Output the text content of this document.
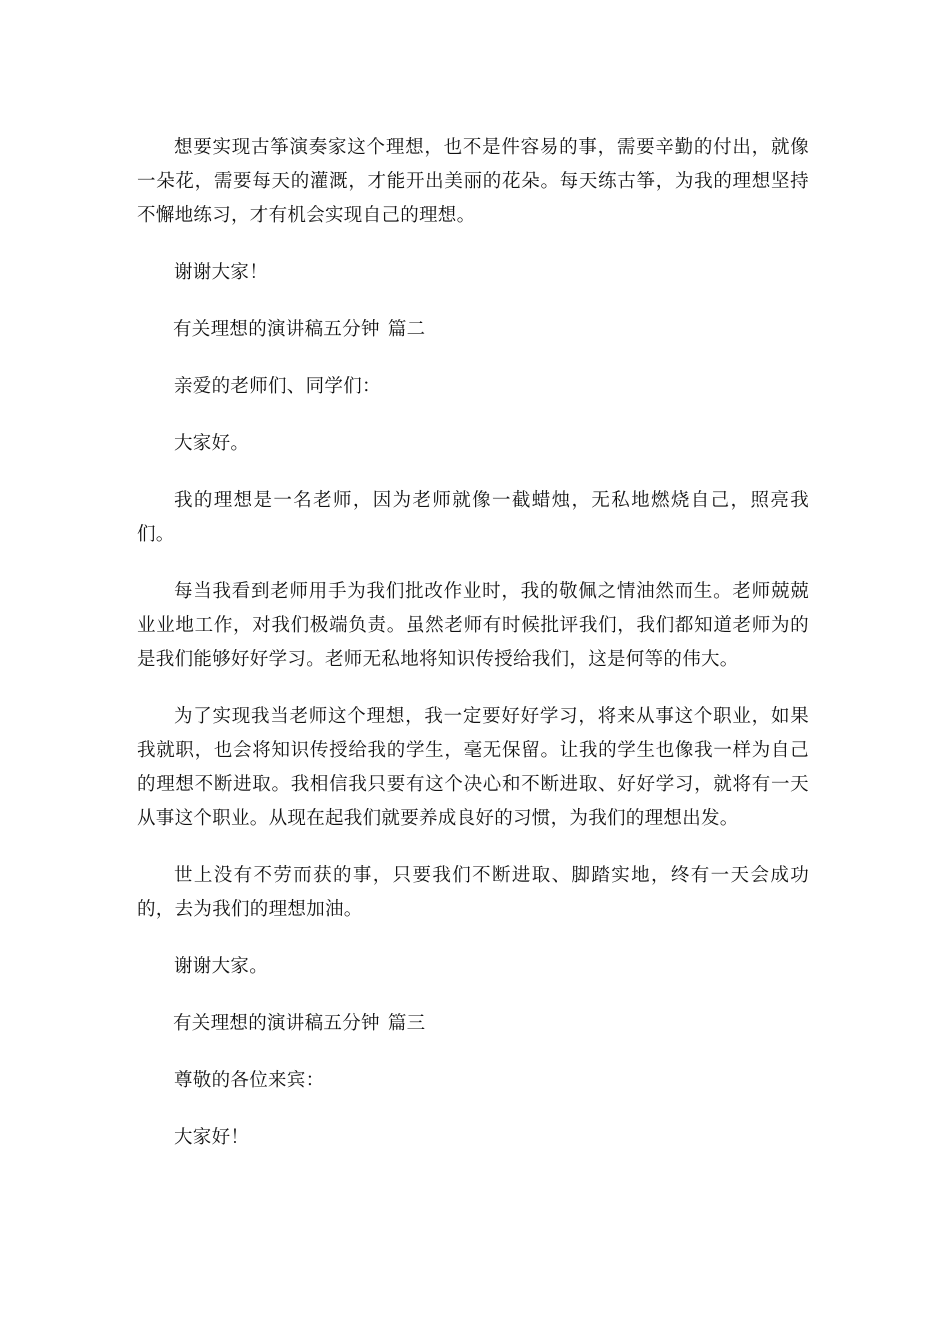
想要实现古筝演奏家这个理想，也不是件容易的事，需要辛勤的付出，就像一朵花，需要每天的灌溉，才能开出美丽的花朵。每天练古筝，为我的理想坚持不懈地练习，才有机会实现自己的理想。

谢谢大家！

有关理想的演讲稿五分钟 篇二

亲爱的老师们、同学们：

大家好。

我的理想是一名老师，因为老师就像一截蜡烛，无私地燃烧自己，照亮我们。

每当我看到老师用手为我们批改作业时，我的敬佩之情油然而生。老师兢兢业业地工作，对我们极端负责。虽然老师有时候批评我们，我们都知道老师为的是我们能够好好学习。老师无私地将知识传授给我们，这是何等的伟大。

为了实现我当老师这个理想，我一定要好好学习，将来从事这个职业，如果我就职，也会将知识传授给我的学生，毫无保留。让我的学生也像我一样为自己的理想不断进取。我相信我只要有这个决心和不断进取、好好学习，就将有一天从事这个职业。从现在起我们就要养成良好的习惯，为我们的理想出发。

世上没有不劳而获的事，只要我们不断进取、脚踏实地，终有一天会成功的，去为我们的理想加油。

谢谢大家。

有关理想的演讲稿五分钟 篇三

尊敬的各位来宾：

大家好！
